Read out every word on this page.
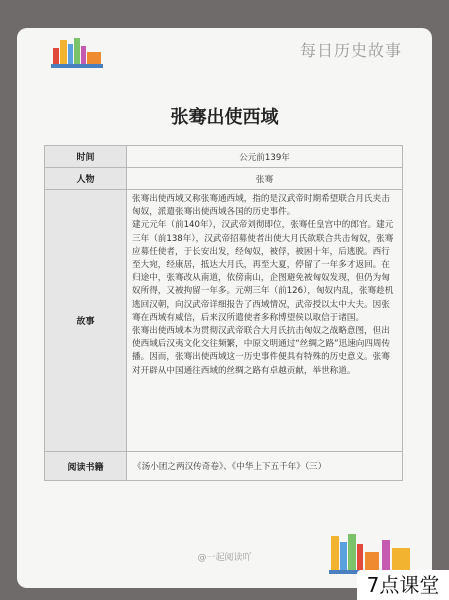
每日历史故事
张骞出使西域
时间	公元前139年
人物	张骞
故事	张骞出使西域又称张骞通西域，指的是汉武帝时期希望联合月氏夹击匈奴，派遣张骞出使西域各国的历史事件。

建元元年（前140年），汉武帝刘彻即位，张骞任皇宫中的郎官。建元三年（前138年），汉武帝招募使者出使大月氏欲联合共击匈奴，张骞应募任使者，于长安出发，经匈奴，被俘，被困十年，后逃脱。西行至大宛，经康居，抵达大月氏，再至大夏，停留了一年多才返回。在归途中，张骞改从南道，依傍南山，企图避免被匈奴发现，但仍为匈奴所得，又被拘留一年多。元朔三年（前126），匈奴内乱，张骞趁机逃回汉朝，向汉武帝详细报告了西域情况，武帝授以太中大夫。因张骞在西域有威信，后来汉所遣使者多称博望侯以取信于诸国。

张骞出使西域本为贯彻汉武帝联合大月氏抗击匈奴之战略意图，但出使西域后汉夷文化交往频繁，中原文明通过“丝绸之路”迅速向四周传播。因而，张骞出使西域这一历史事件便具有特殊的历史意义。张骞对开辟从中国通往西域的丝绸之路有卓越贡献，举世称道。

阅读书籍	《汤小团之两汉传奇卷》、《中华上下五千年》（三）
@一起阅读吖
7点课堂
